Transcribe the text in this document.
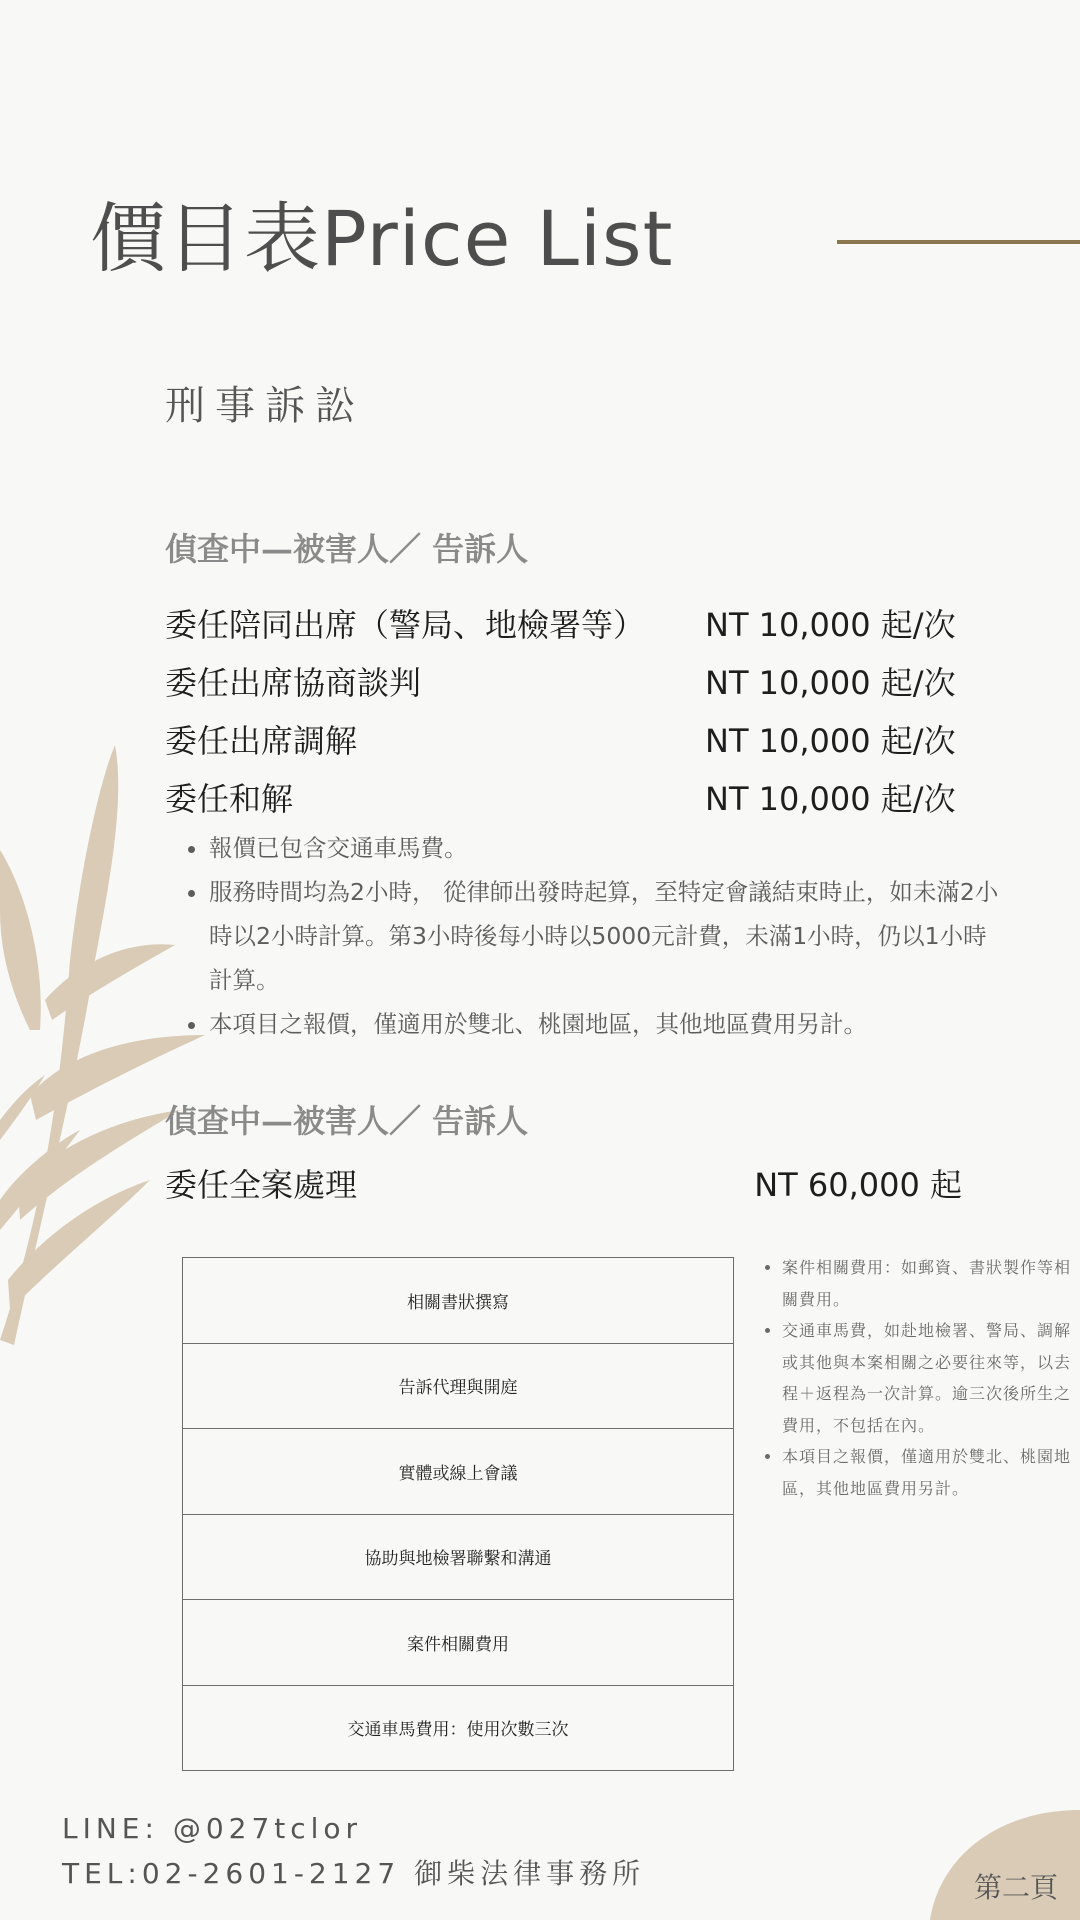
價目表Price List
刑事訴訟
偵查中—被害人／ 告訴人
委任陪同出席（警局、地檢署等） NT 10,000 起/次
委任出席協商談判	NT 10,000 起/次
委任出席調解	NT 10,000 起/次
委任和解	NT 10,000 起/次
• 報價已包含交通車馬費。
• 服務時間均為2小時， 從律師出發時起算，至特定會議結束時止，如未滿2小時以2小時計算。第3小時後每小時以5000元計費，未滿1小時，仍以1小時計算。
• 本項目之報價，僅適用於雙北、桃園地區，其他地區費用另計。
偵查中—被害人／ 告訴人
委任全案處理	NT 60,000 起
相關書狀撰寫
告訴代理與開庭
實體或線上會議
協助與地檢署聯繫和溝通
案件相關費用
交通車馬費用：使用次數三次
• 案件相關費用：如郵資、書狀製作等相關費用。
• 交通車馬費，如赴地檢署、警局、調解或其他與本案相關之必要往來等，以去程＋返程為一次計算。逾三次後所生之費用，不包括在內。
• 本項目之報價，僅適用於雙北、桃園地區，其他地區費用另計。
LINE: @027tclor
TEL:02-2601-2127 御柴法律事務所	第二頁
